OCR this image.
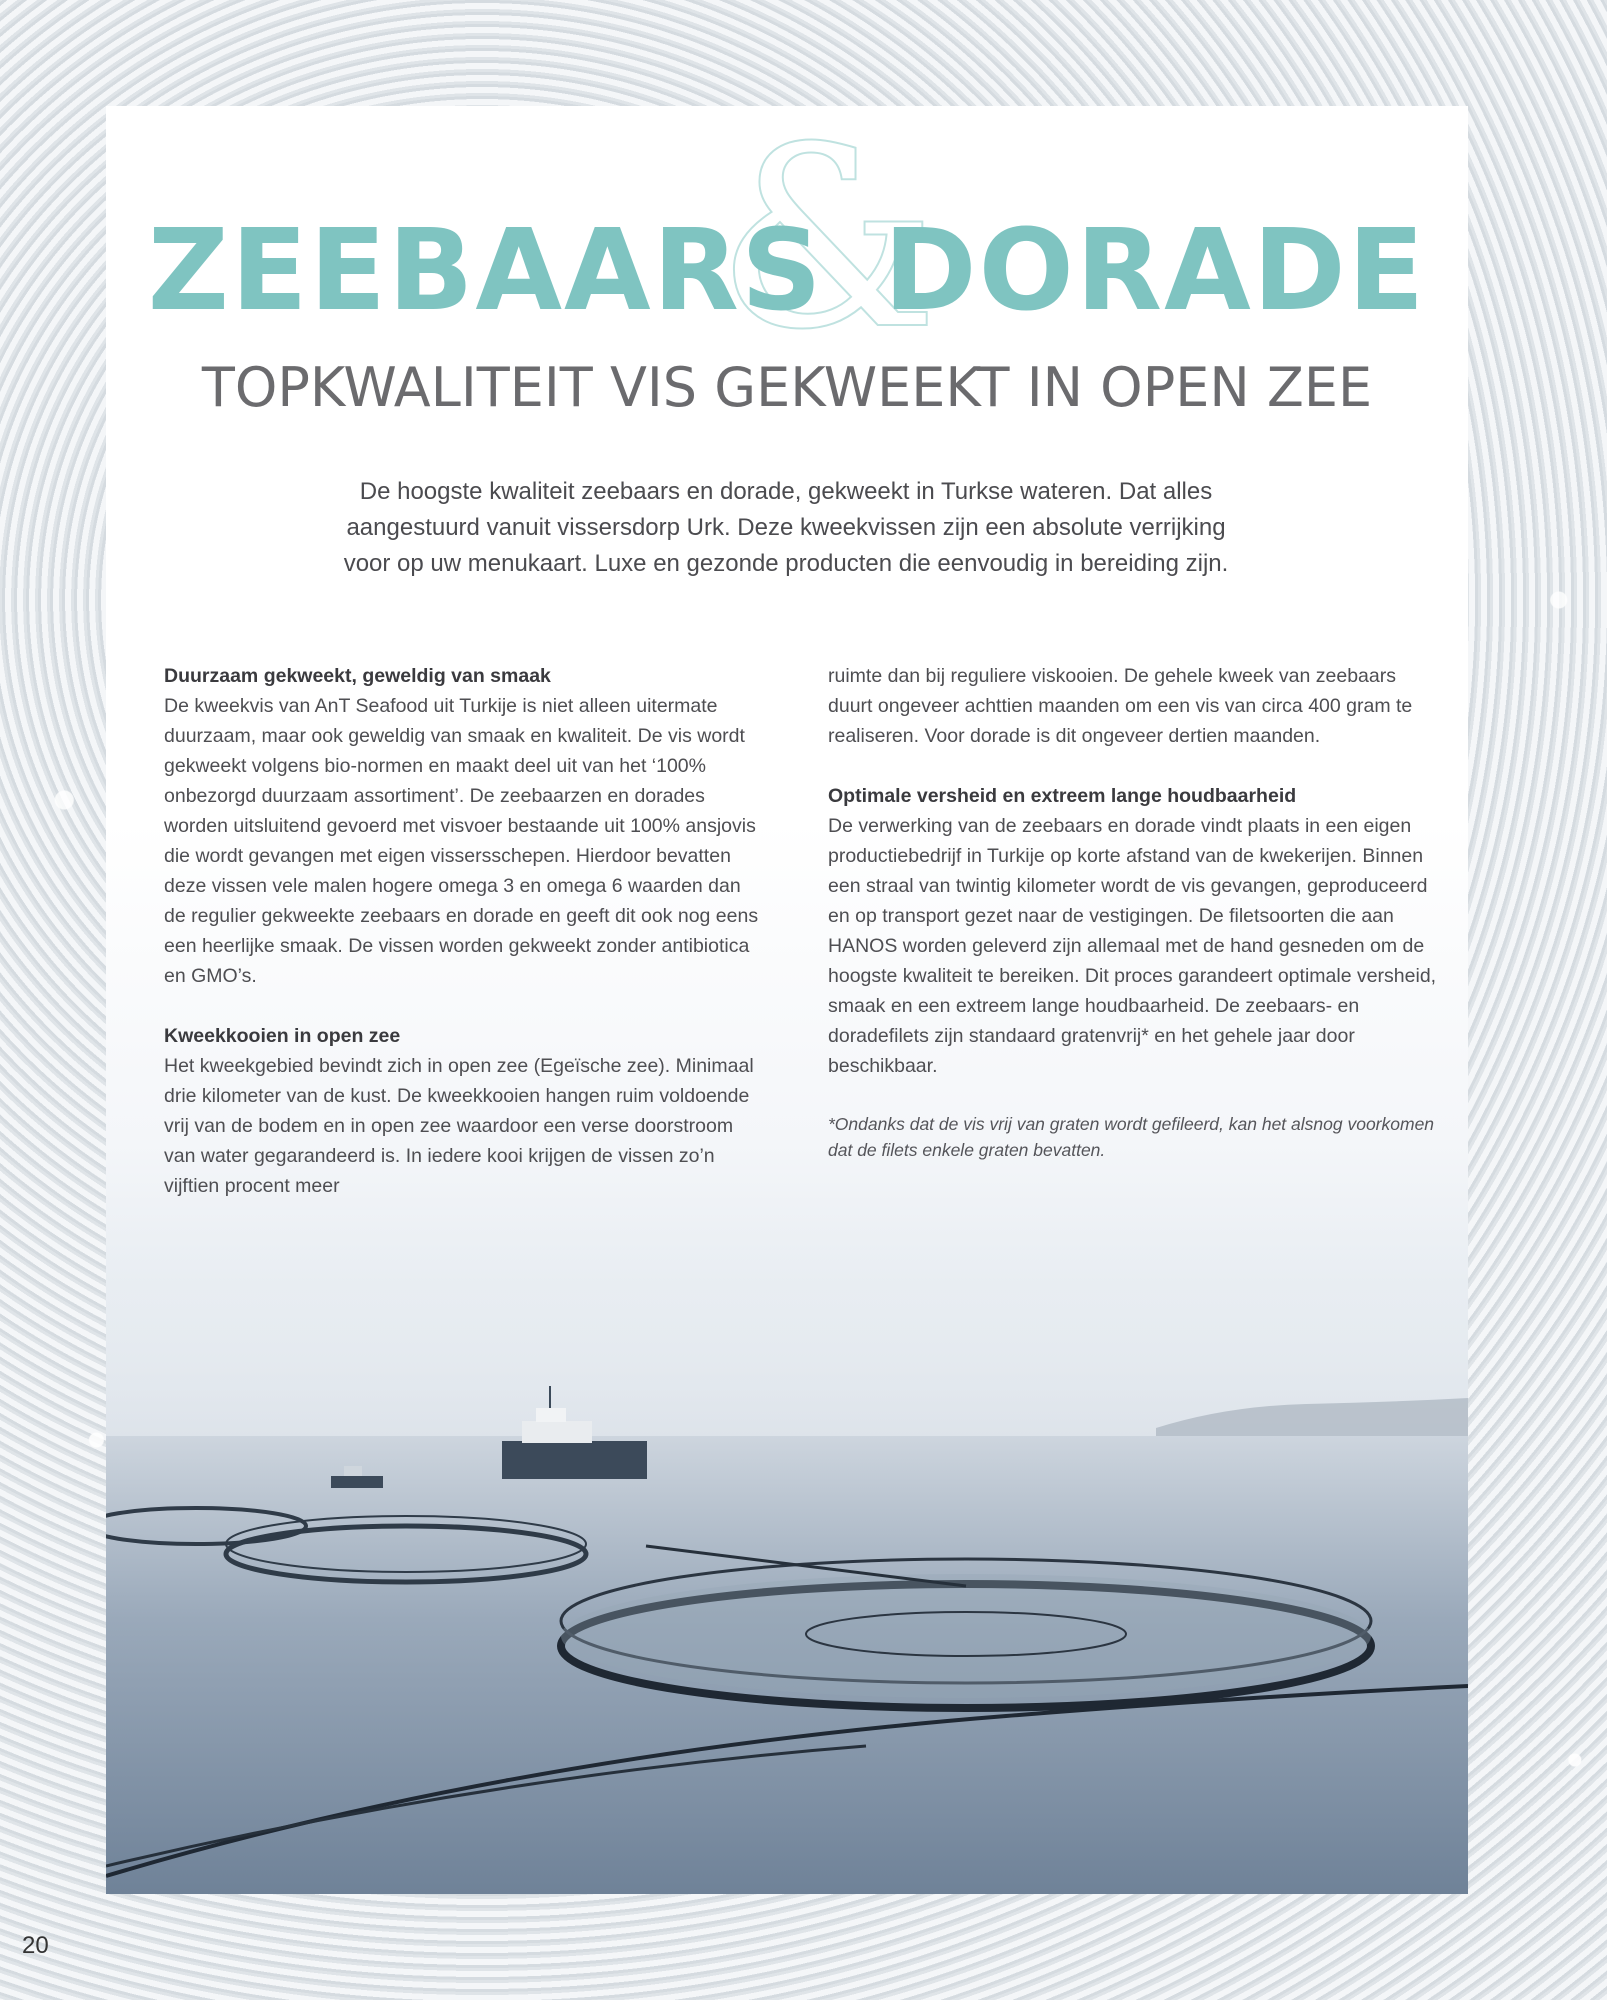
&
ZEEBAARS DORADE
TOPKWALITEIT VIS GEKWEEKT IN OPEN ZEE
De hoogste kwaliteit zeebaars en dorade, gekweekt in Turkse wateren. Dat alles
aangestuurd vanuit vissersdorp Urk. Deze kweekvissen zijn een absolute verrijking
voor op uw menukaart. Luxe en gezonde producten die eenvoudig in bereiding zijn.
Duurzaam gekweekt, geweldig van smaak

De kweekvis van AnT Seafood uit Turkije is niet alleen uitermate duurzaam, maar ook geweldig van smaak en kwaliteit. De vis wordt gekweekt volgens bio-normen en maakt deel uit van het ‘100% onbezorgd duurzaam assortiment’. De zeebaarzen en dorades worden uitsluitend gevoerd met visvoer bestaande uit 100% ansjovis die wordt gevangen met eigen vissersschepen. Hierdoor bevatten deze vissen vele malen hogere omega 3 en omega 6 waarden dan de regulier gekweekte zeebaars en dorade en geeft dit ook nog eens een heerlijke smaak. De vissen worden gekweekt zonder antibiotica en GMO’s.

Kweekkooien in open zee

Het kweekgebied bevindt zich in open zee (Egeïsche zee). Minimaal drie kilometer van de kust. De kweekkooien hangen ruim voldoende vrij van de bodem en in open zee waardoor een verse doorstroom van water gegarandeerd is. In iedere kooi krijgen de vissen zo’n vijftien procent meer

ruimte dan bij reguliere viskooien. De gehele kweek van zeebaars duurt ongeveer achttien maanden om een vis van circa 400 gram te realiseren. Voor dorade is dit ongeveer dertien maanden.

Optimale versheid en extreem lange houdbaarheid

De verwerking van de zeebaars en dorade vindt plaats in een eigen productiebedrijf in Turkije op korte afstand van de kwekerijen. Binnen een straal van twintig kilometer wordt de vis gevangen, geproduceerd en op transport gezet naar de vestigingen. De filetsoorten die aan HANOS worden geleverd zijn allemaal met de hand gesneden om de hoogste kwaliteit te bereiken. Dit proces garandeert optimale versheid, smaak en een extreem lange houdbaarheid. De zeebaars- en doradefilets zijn standaard gratenvrij* en het gehele jaar door beschikbaar.

*Ondanks dat de vis vrij van graten wordt gefileerd, kan het alsnog voorkomen dat de filets enkele graten bevatten.

20
